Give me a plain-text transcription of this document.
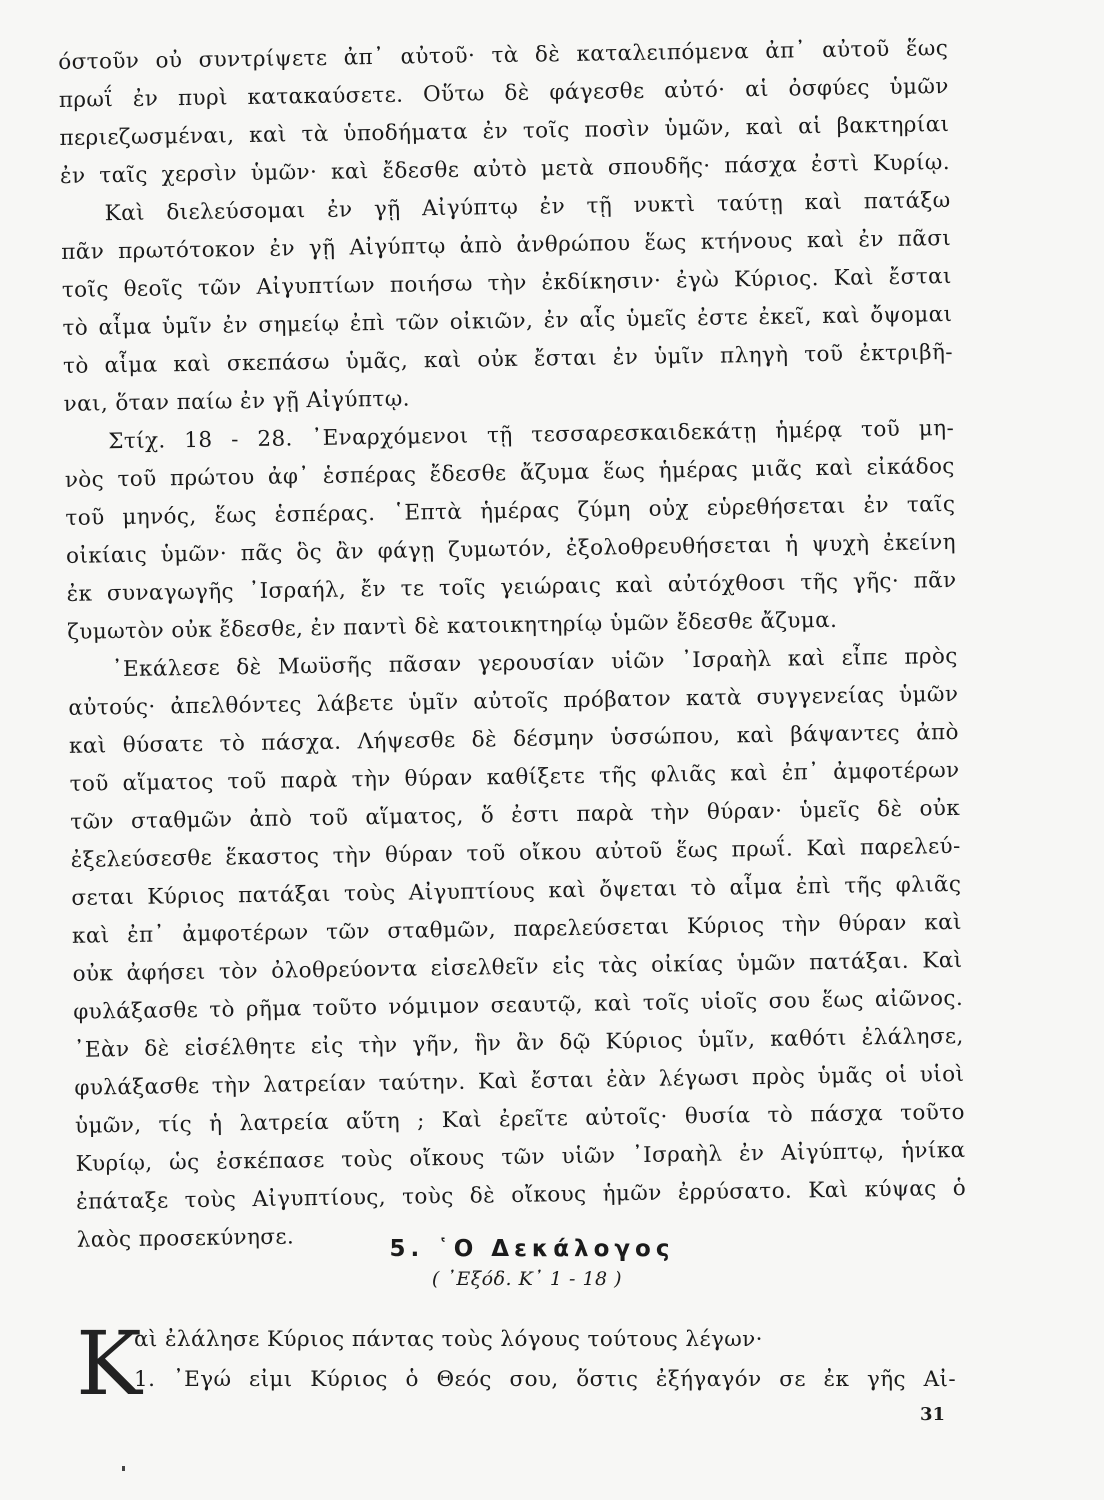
όστοῦν οὐ συντρίψετε ἀπ᾽ αὐτοῦ· τὰ δὲ καταλειπόμενα ἀπ᾽ αὐτοῦ ἕως
πρωΐ ἐν πυρὶ κατακαύσετε. Οὕτω δὲ φάγεσθε αὐτό· αἱ ὀσφύες ὑμῶν
περιεζωσμέναι, καὶ τὰ ὑποδήματα ἐν τοῖς ποσὶν ὑμῶν, καὶ αἱ βακτηρίαι
ἐν ταῖς χερσὶν ὑμῶν· καὶ ἔδεσθε αὐτὸ μετὰ σπουδῆς· πάσχα ἐστὶ Κυρίῳ.
Καὶ διελεύσομαι ἐν γῇ Αἰγύπτῳ ἐν τῇ νυκτὶ ταύτῃ καὶ πατάξω
πᾶν πρωτότοκον ἐν γῇ Αἰγύπτῳ ἀπὸ ἀνθρώπου ἕως κτήνους καὶ ἐν πᾶσι
τοῖς θεοῖς τῶν Αἰγυπτίων ποιήσω τὴν ἐκδίκησιν· ἐγὼ Κύριος. Καὶ ἔσται
τὸ αἷμα ὑμῖν ἐν σημείῳ ἐπὶ τῶν οἰκιῶν, ἐν αἷς ὑμεῖς ἐστε ἐκεῖ, καὶ ὄψομαι
τὸ αἷμα καὶ σκεπάσω ὑμᾶς, καὶ οὐκ ἔσται ἐν ὑμῖν πληγὴ τοῦ ἐκτριβῆ-
ναι, ὅταν παίω ἐν γῇ Αἰγύπτῳ.
Στίχ. 18 - 28. ᾽Εναρχόμενοι τῇ τεσσαρεσκαιδεκάτῃ ἡμέρᾳ τοῦ μη-
νὸς τοῦ πρώτου ἀφ᾽ ἑσπέρας ἔδεσθε ἄζυμα ἕως ἡμέρας μιᾶς καὶ εἰκάδος
τοῦ μηνός, ἕως ἑσπέρας. ῾Επτὰ ἡμέρας ζύμη οὐχ εὑρεθήσεται ἐν ταῖς
οἰκίαις ὑμῶν· πᾶς ὃς ἂν φάγῃ ζυμωτόν, ἐξολοθρευθήσεται ἡ ψυχὴ ἐκείνη
ἐκ συναγωγῆς ᾽Ισραήλ, ἔν τε τοῖς γειώραις καὶ αὐτόχθοσι τῆς γῆς· πᾶν
ζυμωτὸν οὐκ ἔδεσθε, ἐν παντὶ δὲ κατοικητηρίῳ ὑμῶν ἔδεσθε ἄζυμα.
᾽Εκάλεσε δὲ Μωϋσῆς πᾶσαν γερουσίαν υἱῶν ᾽Ισραὴλ καὶ εἶπε πρὸς
αὐτούς· ἀπελθόντες λάβετε ὑμῖν αὐτοῖς πρόβατον κατὰ συγγενείας ὑμῶν
καὶ θύσατε τὸ πάσχα. Λήψεσθε δὲ δέσμην ὑσσώπου, καὶ βάψαντες ἀπὸ
τοῦ αἵματος τοῦ παρὰ τὴν θύραν καθίξετε τῆς φλιᾶς καὶ ἐπ᾽ ἀμφοτέρων
τῶν σταθμῶν ἀπὸ τοῦ αἵματος, ὅ ἐστι παρὰ τὴν θύραν· ὑμεῖς δὲ οὐκ
ἐξελεύσεσθε ἕκαστος τὴν θύραν τοῦ οἴκου αὐτοῦ ἕως πρωΐ. Καὶ παρελεύ-
σεται Κύριος πατάξαι τοὺς Αἰγυπτίους καὶ ὄψεται τὸ αἷμα ἐπὶ τῆς φλιᾶς
καὶ ἐπ᾽ ἀμφοτέρων τῶν σταθμῶν, παρελεύσεται Κύριος τὴν θύραν καὶ
οὐκ ἀφήσει τὸν ὀλοθρεύοντα εἰσελθεῖν εἰς τὰς οἰκίας ὑμῶν πατάξαι. Καὶ
φυλάξασθε τὸ ρῆμα τοῦτο νόμιμον σεαυτῷ, καὶ τοῖς υἱοῖς σου ἕως αἰῶνος.
᾽Εὰν δὲ εἰσέλθητε εἰς τὴν γῆν, ἣν ἂν δῷ Κύριος ὑμῖν, καθότι ἐλάλησε,
φυλάξασθε τὴν λατρείαν ταύτην. Καὶ ἔσται ἐὰν λέγωσι πρὸς ὑμᾶς οἱ υἱοὶ
ὑμῶν, τίς ἡ λατρεία αὕτη ; Καὶ ἐρεῖτε αὐτοῖς· θυσία τὸ πάσχα τοῦτο
Κυρίῳ, ὡς ἐσκέπασε τοὺς οἴκους τῶν υἱῶν ᾽Ισραὴλ ἐν Αἰγύπτῳ, ἡνίκα
ἐπάταξε τοὺς Αἰγυπτίους, τοὺς δὲ οἴκους ἡμῶν ἐρρύσατο. Καὶ κύψας ὁ
λαὸς προσεκύνησε.	5. ῾Ο Δεκάλογος
( ᾽Εξόδ. Κ᾽ 1 - 18 )
Κ
αὶ ἐλάλησε Κύριος πάντας τοὺς λόγους τούτους λέγων·
1. ᾽Εγώ εἰμι Κύριος ὁ Θεός σου, ὅστις ἐξήγαγόν σε ἐκ γῆς Αἰ-
31
